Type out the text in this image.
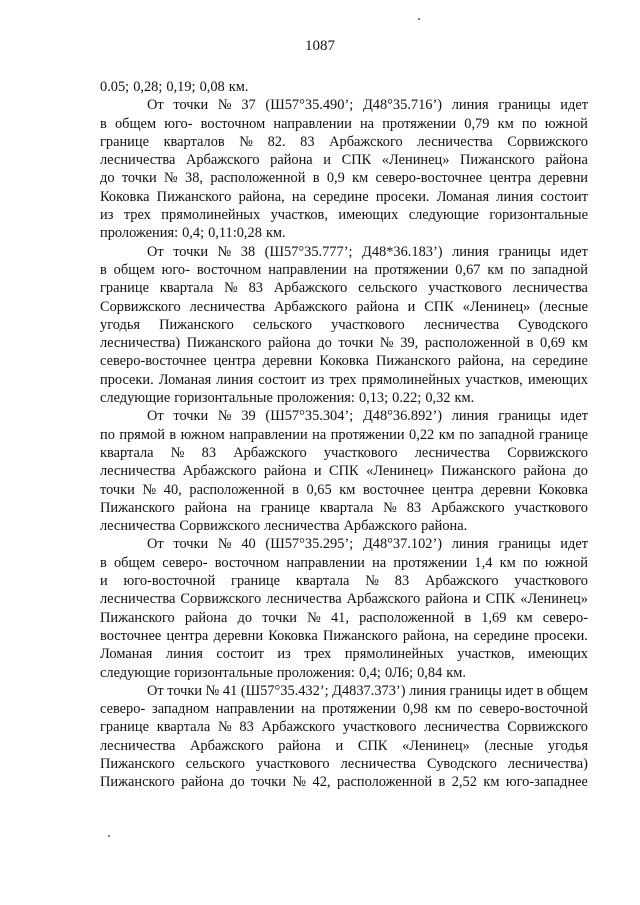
1087
0.05; 0,28; 0,19; 0,08 км.
От точки № 37 (Ш57°35.490’; Д48°35.716’) линия границы идет
в общем юго- восточном направлении на протяжении 0,79 км по южной
границе кварталов № 82. 83 Арбажского лесничества Сорвижского
лесничества Арбажского района и СПК «Ленинец» Пижанского района
до точки № 38, расположенной в 0,9 км северо-восточнее центра деревни
Коковка Пижанского района, на середине просеки. Ломаная линия состоит
из трех прямолинейных участков, имеющих следующие горизонтальные
проложения: 0,4; 0,11:0,28 км.
От точки № 38 (Ш57°35.777’; Д48*36.183’) линия границы идет
в общем юго- восточном направлении на протяжении 0,67 км по западной
границе квартала № 83 Арбажского сельского участкового лесничества
Сорвижского лесничества Арбажского района и СПК «Ленинец» (лесные
угодья Пижанского сельского участкового лесничества Суводского
лесничества) Пижанского района до точки № 39, расположенной в 0,69 км
северо-восточнее центра деревни Коковка Пижанского района, на середине
просеки. Ломаная линия состоит из трех прямолинейных участков, имеющих
следующие горизонтальные проложения: 0,13; 0.22; 0,32 км.
От точки № 39 (Ш57°35.304’; Д48°36.892’) линия границы идет
по прямой в южном направлении на протяжении 0,22 км по западной границе
квартала № 83 Арбажского участкового лесничества Сорвижского
лесничества Арбажского района и СПК «Ленинец» Пижанского района до
точки № 40, расположенной в 0,65 км восточнее центра деревни Коковка
Пижанского района на границе квартала № 83 Арбажского участкового
лесничества Сорвижского лесничества Арбажского района.
От точки № 40 (Ш57°35.295’; Д48°37.102’) линия границы идет
в общем северо- восточном направлении на протяжении 1,4 км по южной
и юго-восточной границе квартала № 83 Арбажского участкового
лесничества Сорвижского лесничества Арбажского района и СПК «Ленинец»
Пижанского района до точки № 41, расположенной в 1,69 км северо-
восточнее центра деревни Коковка Пижанского района, на середине просеки.
Ломаная линия состоит из трех прямолинейных участков, имеющих
следующие горизонтальные проложения: 0,4; 0Л6; 0,84 км.
От точки № 41 (Ш57°35.432’; Д4837.373’) линия границы идет в общем
северо- западном направлении на протяжении 0,98 км по северо-восточной
границе квартала № 83 Арбажского участкового лесничества Сорвижского
лесничества Арбажского района и СПК «Ленинец» (лесные угодья
Пижанского сельского участкового лесничества Суводского лесничества)
Пижанского района до точки № 42, расположенной в 2,52 км юго-западнее
